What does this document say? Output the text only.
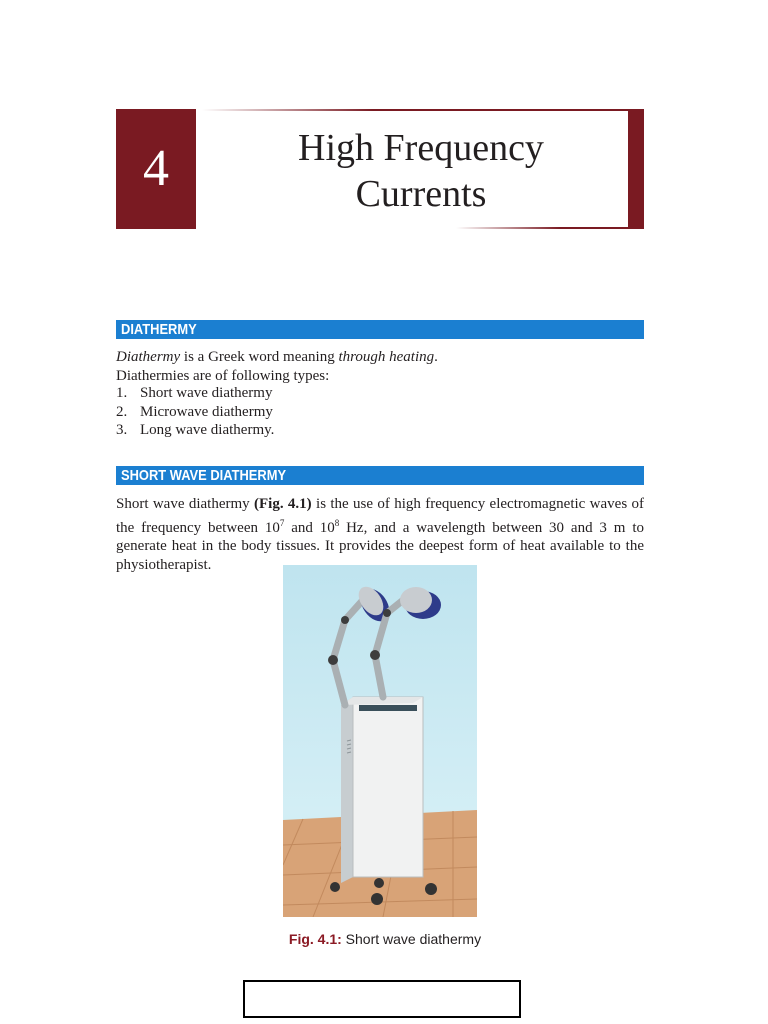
4	High Frequency
Currents
DIATHERMY
Diathermy is a Greek word meaning through heating.
Diathermies are of following types:
1. Short wave diathermy
2. Microwave diathermy
3. Long wave diathermy.
SHORT WAVE DIATHERMY
Short wave diathermy (Fig. 4.1) is the use of high frequency electromagnetic waves of the frequency between $10^7$ and $10^8$ Hz, and a wavelength between 30 and 3 m to generate heat in the body tissues. It provides the deepest form of heat available to the physiotherapist.
Fig. 4.1: Short wave diathermy
